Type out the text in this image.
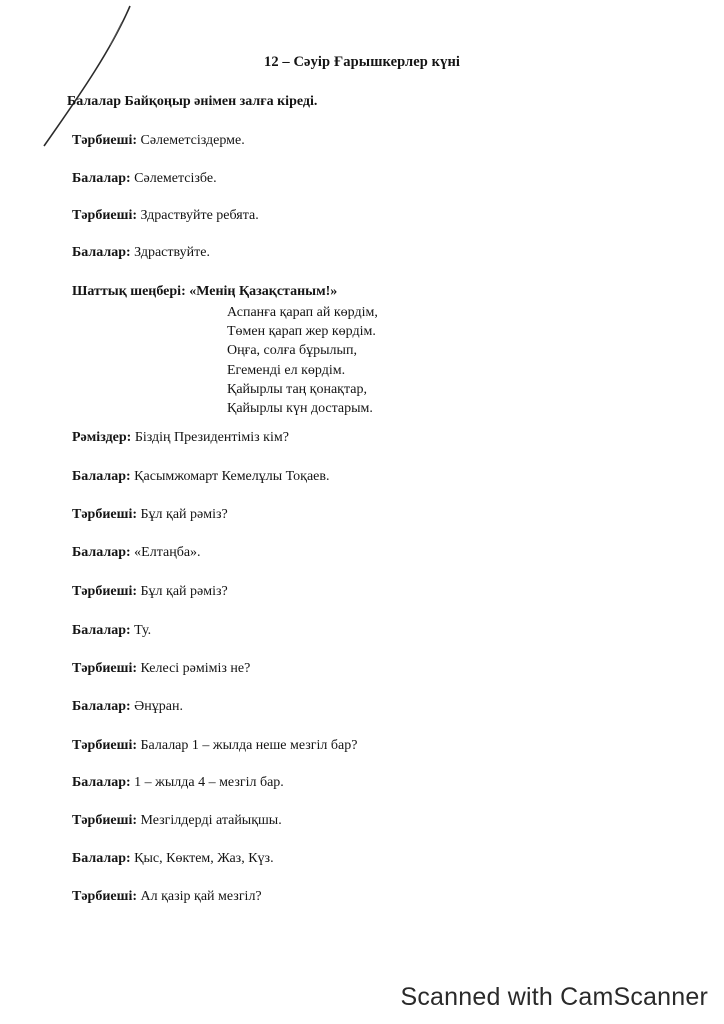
12 – Сәуір Ғарышкерлер күні
Балалар Байқоңыр әнімен залға кіреді.
Тәрбиеші: Сәлеметсіздерме.
Балалар: Сәлеметсізбе.
Тәрбиеші: Здраствуйте ребята.
Балалар: Здраствуйте.
Шаттық шеңбері: «Менің Қазақстаным!»
Аспанға қарап ай көрдім,
Төмен қарап жер көрдім.
Оңға, солға бұрылып,
Егеменді ел көрдім.
Қайырлы таң қонақтар,
Қайырлы күн достарым.
Рәміздер: Біздің Президентіміз кім?
Балалар: Қасымжомарт Кемелұлы Тоқаев.
Тәрбиеші: Бұл қай рәміз?
Балалар: «Елтаңба».
Тәрбиеші: Бұл қай рәміз?
Балалар: Ту.
Тәрбиеші: Келесі рәміміз не?
Балалар: Әнұран.
Тәрбиеші: Балалар 1 – жылда неше мезгіл бар?
Балалар: 1 – жылда 4 – мезгіл бар.
Тәрбиеші: Мезгілдерді атайықшы.
Балалар: Қыс, Көктем, Жаз, Күз.
Тәрбиеші: Ал қазір қай мезгіл?
Scanned with CamScanner
